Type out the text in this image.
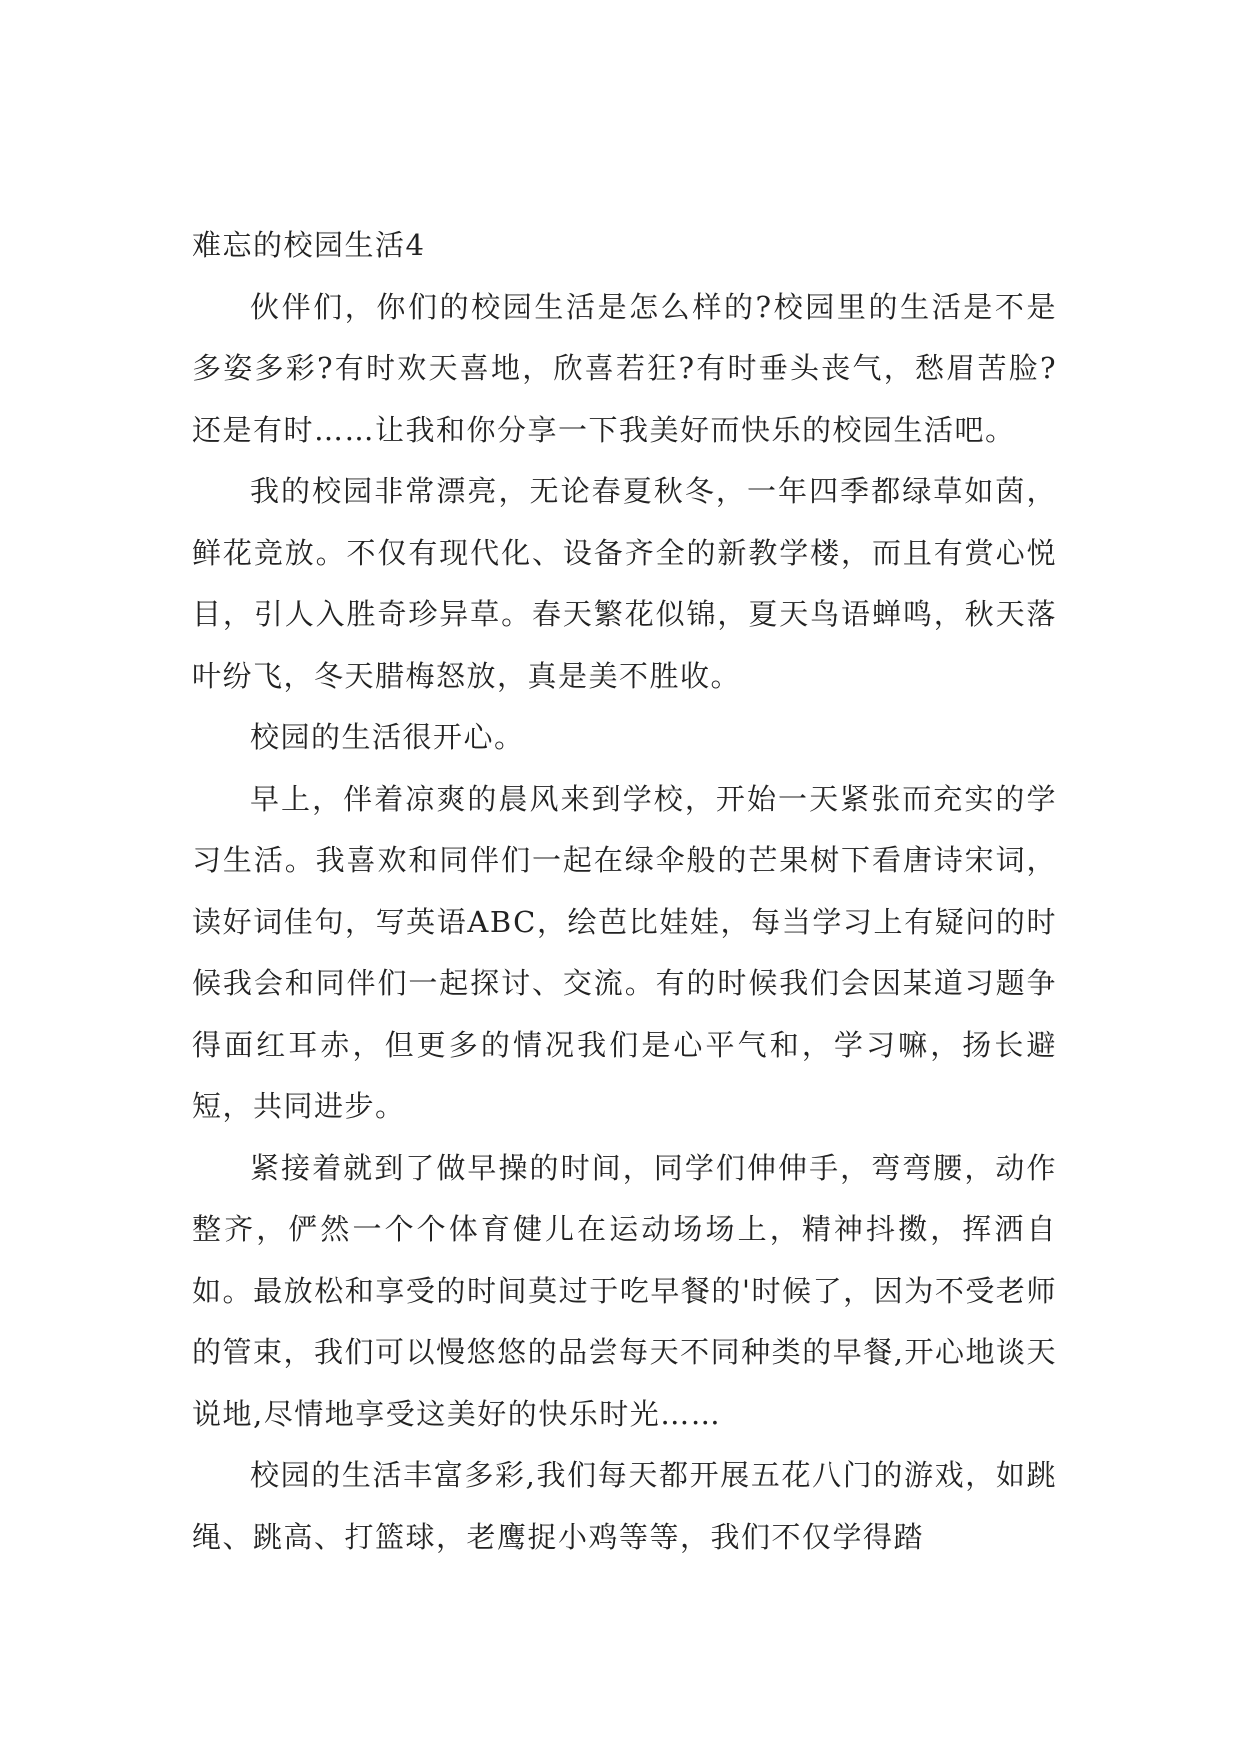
难忘的校园生活4

伙伴们，你们的校园生活是怎么样的?校园里的生活是不是多姿多彩?有时欢天喜地，欣喜若狂?有时垂头丧气，愁眉苦脸?还是有时……让我和你分享一下我美好而快乐的校园生活吧。

我的校园非常漂亮，无论春夏秋冬，一年四季都绿草如茵，鲜花竞放。不仅有现代化、设备齐全的新教学楼，而且有赏心悦目，引人入胜奇珍异草。春天繁花似锦，夏天鸟语蝉鸣，秋天落叶纷飞，冬天腊梅怒放，真是美不胜收。

校园的生活很开心。

早上，伴着凉爽的晨风来到学校，开始一天紧张而充实的学习生活。我喜欢和同伴们一起在绿伞般的芒果树下看唐诗宋词，读好词佳句，写英语ABC，绘芭比娃娃，每当学习上有疑问的时候我会和同伴们一起探讨、交流。有的时候我们会因某道习题争得面红耳赤，但更多的情况我们是心平气和，学习嘛，扬长避短，共同进步。

紧接着就到了做早操的时间，同学们伸伸手，弯弯腰，动作整齐，俨然一个个体育健儿在运动场场上，精神抖擞，挥洒自如。最放松和享受的时间莫过于吃早餐的'时候了，因为不受老师的管束，我们可以慢悠悠的品尝每天不同种类的早餐,开心地谈天说地,尽情地享受这美好的快乐时光……

校园的生活丰富多彩,我们每天都开展五花八门的游戏，如跳绳、跳高、打篮球，老鹰捉小鸡等等，我们不仅学得踏
